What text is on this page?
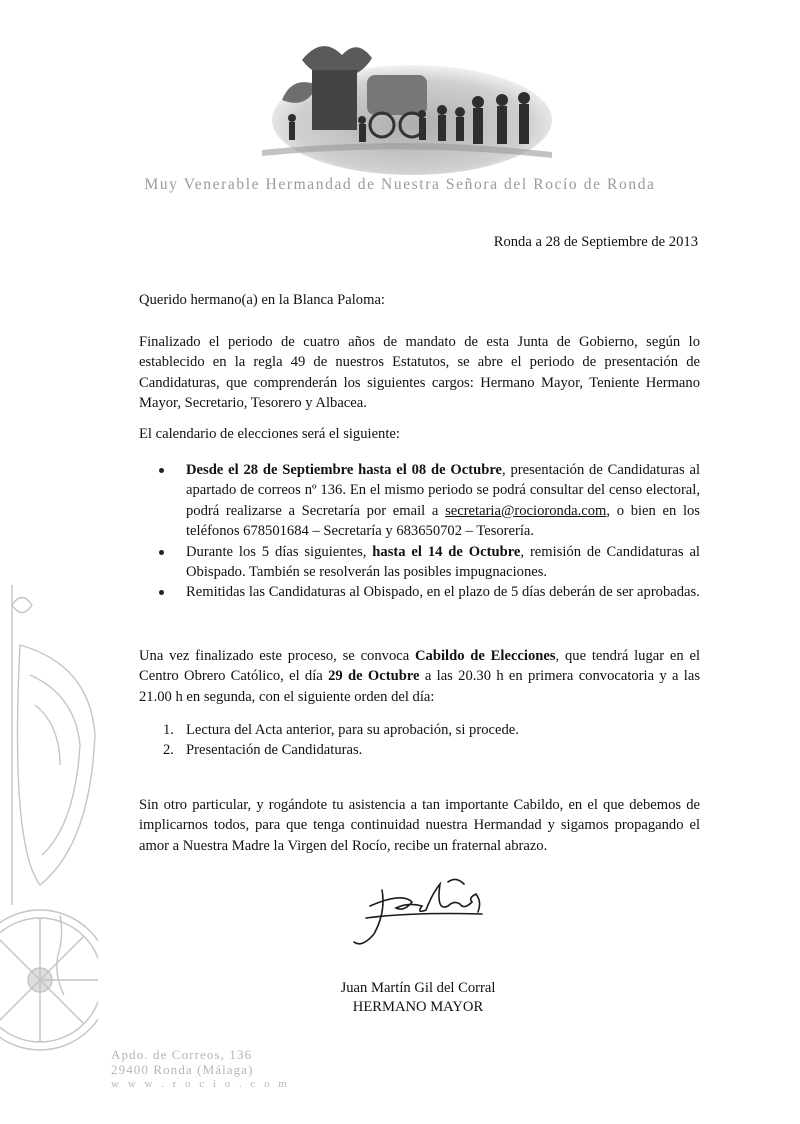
Muy Venerable Hermandad de Nuestra Señora del Rocío de Ronda
Ronda a 28 de Septiembre de 2013
Querido hermano(a) en la Blanca Paloma:

Finalizado el periodo de cuatro años de mandato de esta Junta de Gobierno, según lo establecido en la regla 49 de nuestros Estatutos, se abre el periodo de presentación de Candidaturas, que comprenderán los siguientes cargos: Hermano Mayor, Teniente Hermano Mayor, Secretario, Tesorero y Albacea.

El calendario de elecciones será el siguiente:

Desde el 28 de Septiembre hasta el 08 de Octubre, presentación de Candidaturas al apartado de correos nº 136. En el mismo periodo se podrá consultar del censo electoral, podrá realizarse a Secretaría por email a secretaria@rocioronda.com, o bien en los teléfonos 678501684 – Secretaría y 683650702 – Tesorería.
Durante los 5 días siguientes, hasta el 14 de Octubre, remisión de Candidaturas al Obispado. También se resolverán las posibles impugnaciones.
Remitidas las Candidaturas al Obispado, en el plazo de 5 días deberán de ser aprobadas.

Una vez finalizado este proceso, se convoca Cabildo de Elecciones, que tendrá lugar en el Centro Obrero Católico, el día 29 de Octubre a las 20.30 h en primera convocatoria y a las 21.00 h en segunda, con el siguiente orden del día:

1. Lectura del Acta anterior, para su aprobación, si procede.
2. Presentación de Candidaturas.

Sin otro particular, y rogándote tu asistencia a tan importante Cabildo, en el que debemos de implicarnos todos, para que tenga continuidad nuestra Hermandad y sigamos propagando el amor a Nuestra Madre la Virgen del Rocío, recibe un fraternal abrazo.

Juan Martín Gil del Corral
HERMANO MAYOR
Apdo. de Correos, 136
29400 Ronda (Málaga)
w w w . r o c i o . c o m
